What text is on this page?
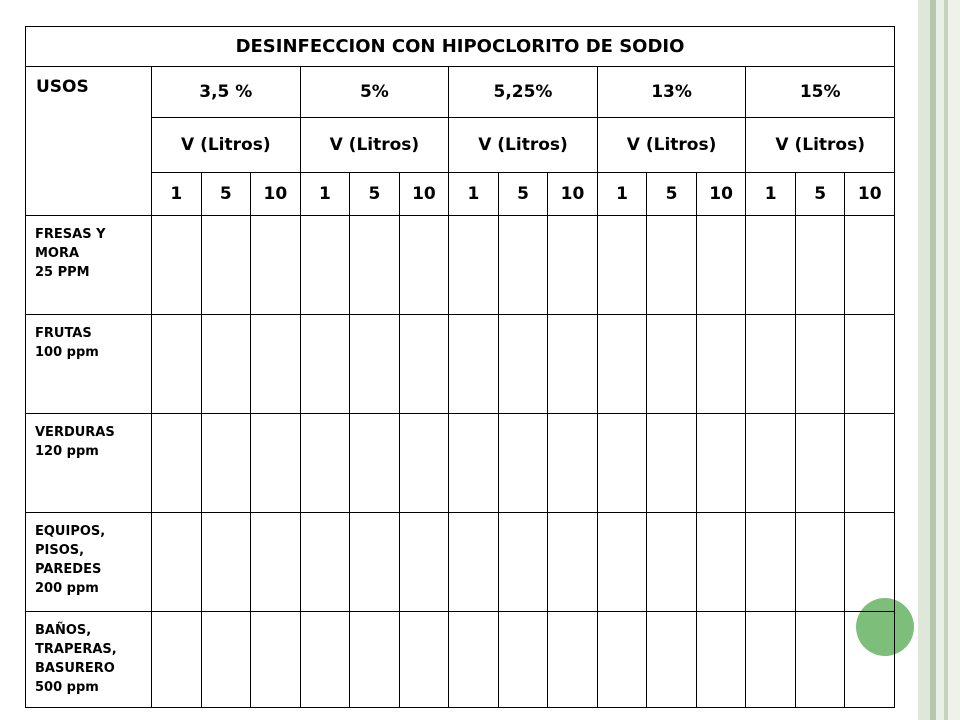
DESINFECCION CON HIPOCLORITO DE SODIO															
USOS	3,5 %			5%			5,25%			13%			15%		
	V (Litros)			V (Litros)			V (Litros)			V (Litros)			V (Litros)		
	1	5	10	1	5	10	1	5	10	1	5	10	1	5	10

FRESAS Y
MORA
25 PPM															

FRUTAS
100 ppm															

VERDURAS
120 ppm															

EQUIPOS,
PISOS,
PAREDES
200 ppm															

BAÑOS,
TRAPERAS,
BASURERO
500 ppm															
